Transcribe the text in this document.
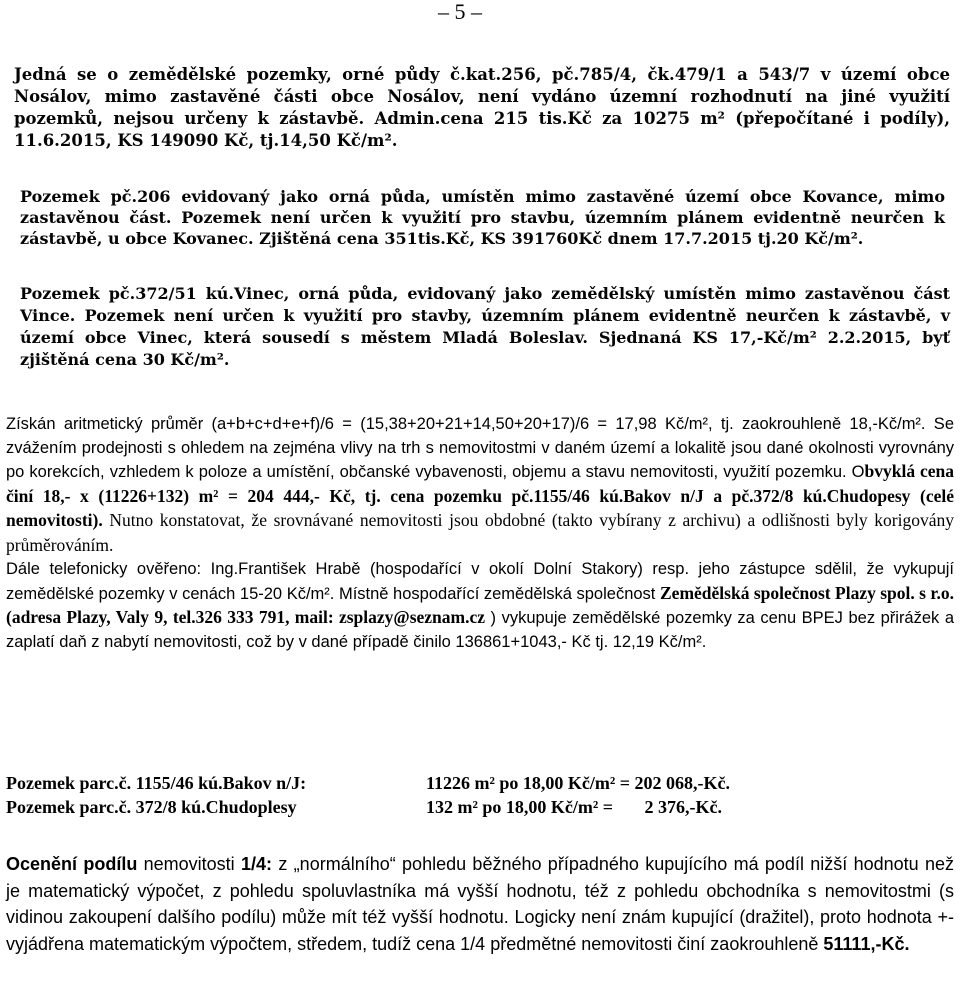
– 5 –
Jedná se o zemědělské pozemky, orné půdy č.kat.256, pč.785/4, čk.479/1 a 543/7 v území obce Nosálov, mimo zastavěné části obce Nosálov, není vydáno územní rozhodnutí na jiné využití pozemků, nejsou určeny k zástavbě. Admin.cena 215 tis.Kč za 10275 m² (přepočítané i podíly), 11.6.2015, KS 149090 Kč, tj.14,50 Kč/m².
Pozemek pč.206 evidovaný jako orná půda, umístěn mimo zastavěné území obce Kovance, mimo zastavěnou část. Pozemek není určen k využití pro stavbu, územním plánem evidentně neurčen k zástavbě, u obce Kovanec. Zjištěná cena 351tis.Kč, KS 391760Kč dnem 17.7.2015 tj.20 Kč/m².
Pozemek pč.372/51 kú.Vinec, orná půda, evidovaný jako zemědělský umístěn mimo zastavěnou část Vince. Pozemek není určen k využití pro stavby, územním plánem evidentně neurčen k zástavbě, v území obce Vinec, která sousedí s městem Mladá Boleslav. Sjednaná KS 17,-Kč/m² 2.2.2015, byť zjištěná cena 30 Kč/m².
Získán aritmetický průměr (a+b+c+d+e+f)/6 = (15,38+20+21+14,50+20+17)/6 = 17,98 Kč/m², tj. zaokrouhleně 18,-Kč/m². Se zvážením prodejnosti s ohledem na zejména vlivy na trh s nemovitostmi v daném území a lokalitě jsou dané okolnosti vyrovnány po korekcích, vzhledem k poloze a umístění, občanské vybavenosti, objemu a stavu nemovitosti, využití pozemku. Obvyklá cena činí 18,- x (11226+132) m² = 204 444,- Kč, tj. cena pozemku pč.1155/46 kú.Bakov n/J a pč.372/8 kú.Chudopesy (celé nemovitosti). Nutno konstatovat, že srovnávané nemovitosti jsou obdobné (takto vybírany z archivu) a odlišnosti byly korigovány průměrováním.
Dále telefonicky ověřeno: Ing.František Hrabě (hospodařící v okolí Dolní Stakory) resp. jeho zástupce sdělil, že vykupují zemědělské pozemky v cenách 15-20 Kč/m². Místně hospodařící zemědělská společnost Zemědělská společnost Plazy spol. s r.o. (adresa Plazy, Valy 9, tel.326 333 791, mail: zsplazy@seznam.cz ) vykupuje zemědělské pozemky za cenu BPEJ bez přirážek a zaplatí daň z nabytí nemovitosti, což by v dané případě činilo 136861+1043,- Kč tj. 12,19 Kč/m².
Pozemek parc.č. 1155/46 kú.Bakov n/J:	11226 m² po 18,00 Kč/m² = 202 068,-Kč.
Pozemek parc.č. 372/8 kú.Chudoplesy	132 m² po 18,00 Kč/m² =       2 376,-Kč.
Ocenění podílu nemovitosti 1/4: z „normálního“ pohledu běžného případného kupujícího má podíl nižší hodnotu než je matematický výpočet, z pohledu spoluvlastníka má vyšší hodnotu, též z pohledu obchodníka s nemovitostmi (s vidinou zakoupení dalšího podílu) může mít též vyšší hodnotu. Logicky není znám kupující (dražitel), proto hodnota +- vyjádřena matematickým výpočtem, středem, tudíž cena 1/4 předmětné nemovitosti činí zaokrouhleně 51111,-Kč.
